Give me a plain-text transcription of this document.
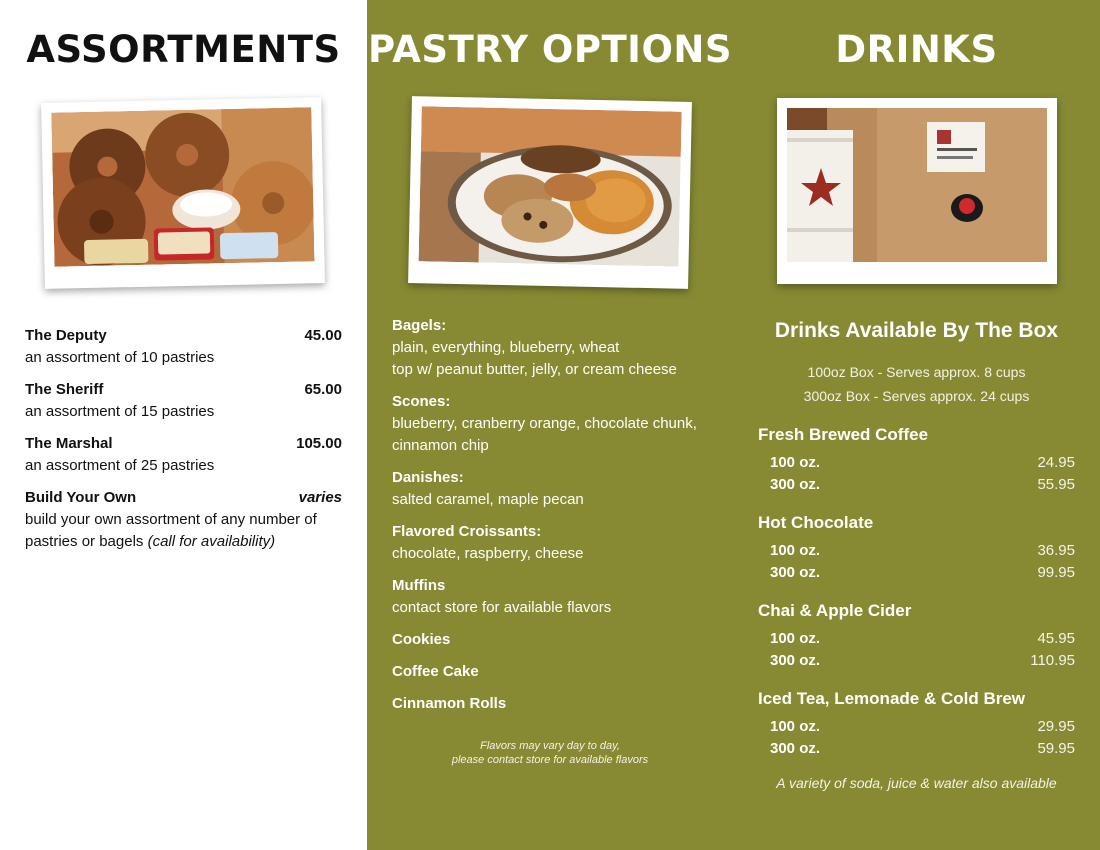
ASSORTMENTS PASTRY OPTIONS	DRINKS
The Deputy	45.00
an assortment of 10 pastries
The Sheriff	65.00
an assortment of 15 pastries
The Marshal	105.00
an assortment of 25 pastries
Build Your Own	varies
build your own assortment of any number of pastries or bagels (call for availability)
Bagels:
plain, everything, blueberry, wheat
top w/ peanut butter, jelly, or cream cheese
Scones:
blueberry, cranberry orange, chocolate chunk,
cinnamon chip
Danishes:
salted caramel, maple pecan
Flavored Croissants:
chocolate, raspberry, cheese
Muffins
contact store for available flavors
Cookies
Coffee Cake
Cinnamon Rolls
Flavors may vary day to day,
please contact store for available flavors
Drinks Available By The Box
100oz Box - Serves approx. 8 cups
300oz Box - Serves approx. 24 cups
Fresh Brewed Coffee
100 oz.	24.95
300 oz.	55.95
Hot Chocolate
100 oz.	36.95
300 oz.	99.95
Chai & Apple Cider
100 oz.	45.95
300 oz.	110.95
Iced Tea, Lemonade & Cold Brew
100 oz.	29.95
300 oz.	59.95
A variety of soda, juice & water also available
